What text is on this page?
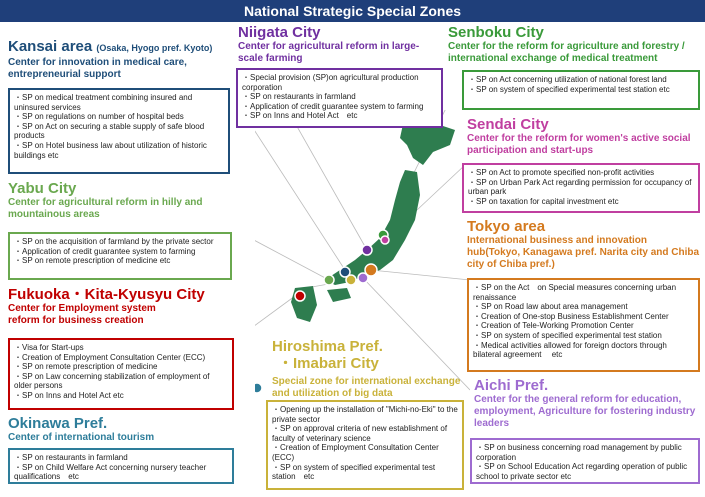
National Strategic Special Zones
Kansai area (Osaka, Hyogo pref. Kyoto)
Center for innovation in medical care, entrepreneurial support
・SP on medical treatment combining insured and uninsured services
・SP on regulations on number of hospital beds
・SP on Act on securing a stable supply of safe blood products
・SP on Hotel business law about utilization of historic buildings etc
Yabu City
Center for agricultural reform in hilly and mountainous areas
・SP on the acquisition of farmland by the private sector
・Application of credit guarantee system to farming
・SP on remote prescription of medicine etc
Fukuoka・Kita-Kyusyu City
Center for Employment system reform for business creation
・Visa for Start-ups
・Creation of Employment Consultation Center (ECC)
・SP on remote prescription of medicine
・SP on Law concerning stabilization of employment of older persons
・SP on Inns and Hotel Act etc
Okinawa Pref.
Center of international tourism
・SP on restaurants in farmland
・SP on Child Welfare Act concerning nursery teacher qualifications　etc
Niigata City
Center for agricultural reform in large-scale farming
・Special provision (SP)on agricultural production corporation
・SP on restaurants in farmland
・Application of credit guarantee system to farming
・SP on Inns and Hotel Act　etc
Senboku City
Center for the reform for agriculture and forestry / international exchange of medical treatment
・SP on Act concerning utilization of national forest land
・SP on system of specified experimental test station etc
Sendai City
Center for the reform for women's active social participation and start-ups
・SP on Act to promote specified non-profit activities
・SP on Urban Park Act regarding permission for occupancy of urban park
・SP on taxation for capital investment etc
Tokyo area
International business and innovation hub(Tokyo, Kanagawa pref. Narita city and Chiba city of Chiba pref.)
・SP on the Act　on Special measures concerning urban renaissance
・SP on Road law about area management
・Creation of One-stop Business Establishment Center
・Creation of Tele-Working Promotion Center
・SP on system of specified experimental test station
・Medical activities allowed for foreign doctors through bilateral agreement　 etc
Hiroshima Pref.
・Imabari City
Special zone for international exchange and utilization of big data
・Opening up the installation of "Michi-no-Eki" to the private sector
・SP on approval criteria of new establishment of faculty of veterinary science
・Creation of Employment Consultation Center (ECC)
・SP on system of specified experimental test station　etc
Aichi Pref.
Center for the general reform for education, employment, Agriculture for fostering industry leaders
・SP on business concerning road management by public corporation
・SP on School Education Act regarding operation of public school to private sector etc
